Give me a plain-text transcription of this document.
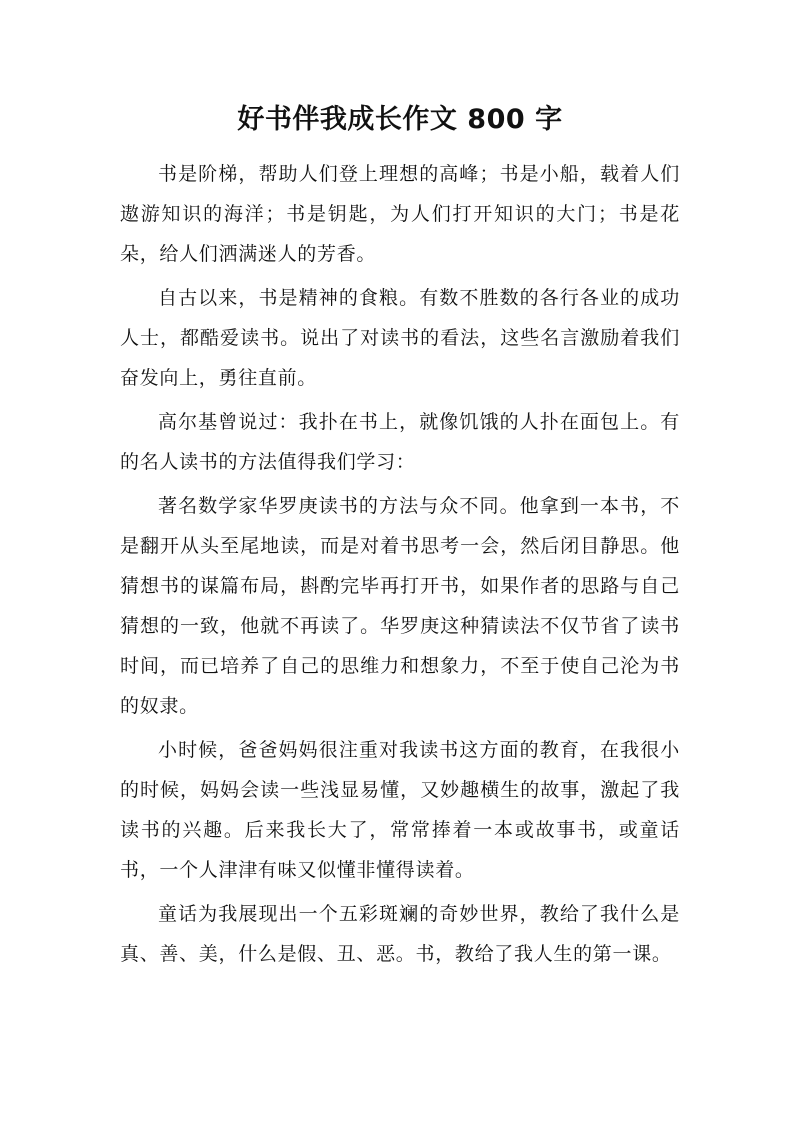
好书伴我成长作文 800 字

书是阶梯，帮助人们登上理想的高峰；书是小船，载着人们遨游知识的海洋；书是钥匙，为人们打开知识的大门；书是花朵，给人们洒满迷人的芳香。

自古以来，书是精神的食粮。有数不胜数的各行各业的成功人士，都酷爱读书。说出了对读书的看法，这些名言激励着我们奋发向上，勇往直前。

高尔基曾说过：我扑在书上，就像饥饿的人扑在面包上。有的名人读书的方法值得我们学习：

著名数学家华罗庚读书的方法与众不同。他拿到一本书，不是翻开从头至尾地读，而是对着书思考一会，然后闭目静思。他猜想书的谋篇布局，斟酌完毕再打开书，如果作者的思路与自己猜想的一致，他就不再读了。华罗庚这种猜读法不仅节省了读书时间，而已培养了自己的思维力和想象力，不至于使自己沦为书的奴隶。

小时候，爸爸妈妈很注重对我读书这方面的教育，在我很小的时候，妈妈会读一些浅显易懂，又妙趣横生的故事，激起了我读书的兴趣。后来我长大了，常常捧着一本或故事书，或童话书，一个人津津有味又似懂非懂得读着。

童话为我展现出一个五彩斑斓的奇妙世界，教给了我什么是真、善、美，什么是假、丑、恶。书，教给了我人生的第一课。
